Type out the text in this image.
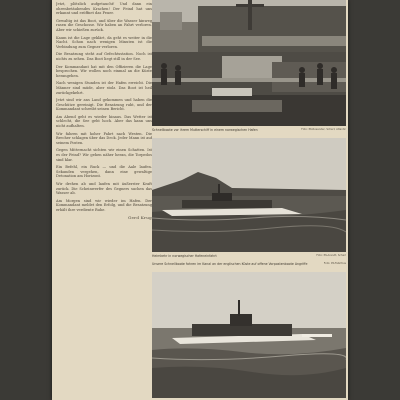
Jetzt, plötzlich aufgetaucht! Und dann ein ohrenbetäubendes Krachen! Der Feind hat uns erkannt und eröffnet das Feuer.

Gewaltig ist das Boot, und über die Wasser hinweg rasen die Geschosse. Wir haben an Fahrt verloren. Aber wir schießen zurück.

Kaum ist die Lage geklärt, da geht es weiter in die Nacht. Schon nach wenigen Minuten ist die Verbindung zum Gegner verloren.

Die Besatzung steht auf Gefechtsstation. Noch ist nichts zu sehen. Das Boot liegt still in der See.

Der Kommandant hat mit den Offizieren die Lage besprochen. Wir wollen noch einmal an die Küste herangehen.

Nach wenigen Stunden ist der Hafen erreicht. Die Männer sind müde, aber stolz. Das Boot ist heil zurückgekehrt.

Jetzt sind wir ans Land gekommen und haben die Geschütze gereinigt. Die Besatzung ruht, und der Kommandant schreibt seinen Bericht.

Am Abend geht es wieder hinaus. Das Wetter ist schlecht, die See geht hoch. Aber das kann uns nicht aufhalten.

Wir fahren mit hoher Fahrt nach Westen. Die Brecher schlagen über das Deck. Jeder Mann ist auf seinem Posten.

Gegen Mitternacht sichten wir einen Schatten. Ist es der Feind? Wir gehen näher heran, die Torpedos sind klar.

Ein Befehl, ein Ruck — und die Aale laufen. Sekunden vergehen, dann eine gewaltige Detonation am Horizont.

Wir drehen ab und laufen mit äußerster Kraft zurück. Die Scheinwerfer des Gegners suchen das Wasser ab.

Am Morgen sind wir wieder im Hafen. Der Kommandant meldet den Erfolg, und die Besatzung erhält ihre verdiente Ruhe.

Gerd Krug

Foto: PK-Rosander, Scherl; Atlantic
Schnellboote vor ihrem Mutterschiff in einem norwegischen Hafen
Foto: PK-Arendt, Scherl
Heimkehr in norwegischer Hafeneinfahrt
Foto: PK-Fabritius
Unsere Schnellboote fahren im Kanal an der englischen Küste auf offene Vorpostenboote Angriffe
